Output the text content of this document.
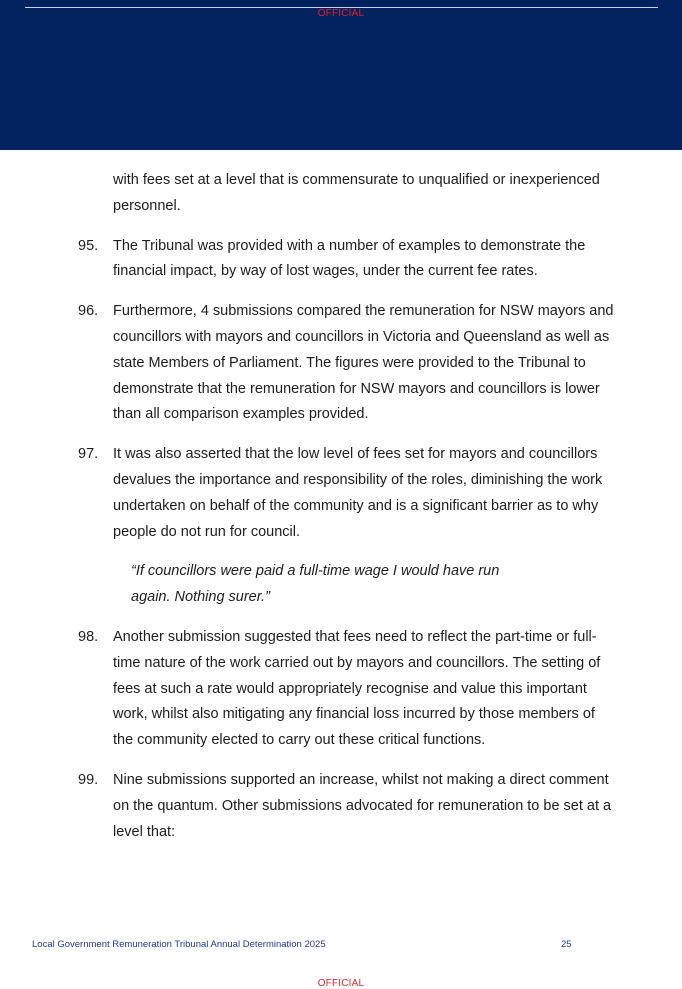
OFFICIAL

with fees set at a level that is commensurate to unqualified or inexperienced personnel.

95. The Tribunal was provided with a number of examples to demonstrate the financial impact, by way of lost wages, under the current fee rates.
96. Furthermore, 4 submissions compared the remuneration for NSW mayors and councillors with mayors and councillors in Victoria and Queensland as well as state Members of Parliament. The figures were provided to the Tribunal to demonstrate that the remuneration for NSW mayors and councillors is lower than all comparison examples provided.
97. It was also asserted that the low level of fees set for mayors and councillors devalues the importance and responsibility of the roles, diminishing the work undertaken on behalf of the community and is a significant barrier as to why people do not run for council.

“If councillors were paid a full-time wage I would have run again. Nothing surer.”

98. Another submission suggested that fees need to reflect the part-time or full-time nature of the work carried out by mayors and councillors. The setting of fees at such a rate would appropriately recognise and value this important work, whilst also mitigating any financial loss incurred by those members of the community elected to carry out these critical functions.
99. Nine submissions supported an increase, whilst not making a direct comment on the quantum. Other submissions advocated for remuneration to be set at a level that:
Local Government Remuneration Tribunal Annual Determination 2025	25
OFFICIAL
